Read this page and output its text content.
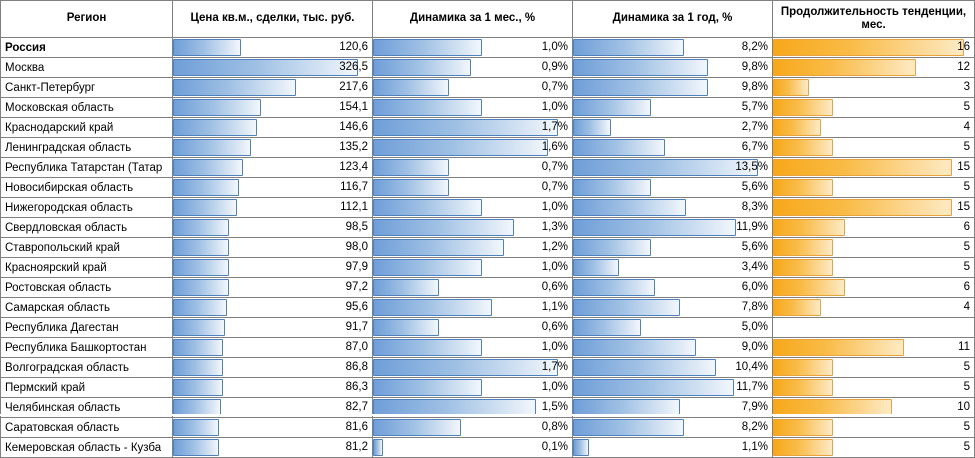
Регион	Цена кв.м., сделки, тыс. руб.	Динамика за 1 мес., %	Динамика за 1 год, %	Продолжительность тенденции, мес.
Россия	120,6	1,0%	8,2%	16

Москва	326,5	0,9%	9,8%	12

Санкт-Петербург	217,6	0,7%	9,8%	3

Московская область	154,1	1,0%	5,7%	5

Краснодарский край	146,6	1,7%	2,7%	4

Ленинградская область	135,2	1,6%	6,7%	5

Республика Татарстан (Татар	123,4	0,7%	13,5%	15

Новосибирская область	116,7	0,7%	5,6%	5

Нижегородская область	112,1	1,0%	8,3%	15

Свердловская область	98,5	1,3%	11,9%	6

Ставропольский край	98,0	1,2%	5,6%	5

Красноярский край	97,9	1,0%	3,4%	5

Ростовская область	97,2	0,6%	6,0%	6

Самарская область	95,6	1,1%	7,8%	4

Республика Дагестан	91,7	0,6%	5,0%	

Республика Башкортостан	87,0	1,0%	9,0%	11

Волгоградская область	86,8	1,7%	10,4%	5

Пермский край	86,3	1,0%	11,7%	5

Челябинская область	82,7	1,5%	7,9%	10

Саратовская область	81,6	0,8%	8,2%	5

Кемеровская область - Кузба	81,2	0,1%	1,1%	5
